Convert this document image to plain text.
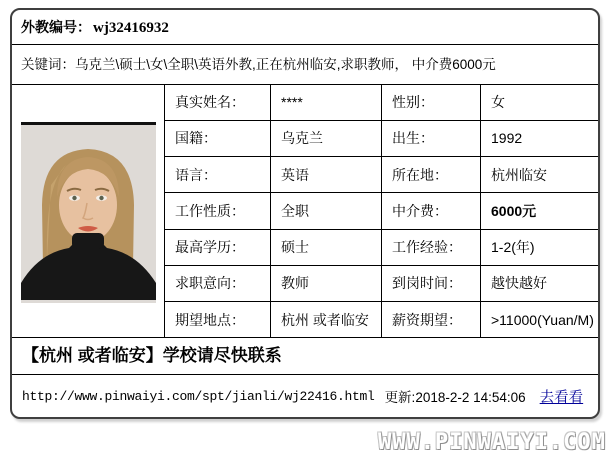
外教编号： wj32416932
关键词：乌克兰\硕士\女\全职\英语外教,正在杭州临安,求职教师， 中介费6000元
真实姓名：	****	性别：	女
国籍：	乌克兰	出生：	1992
语言：	英语	所在地：	杭州临安
工作性质：	全职	中介费：	6000元
最高学历：	硕士	工作经验：	1-2(年)
求职意向：	教师	到岗时间：	越快越好
期望地点：	杭州 或者临安	薪资期望：	>11000(Yuan/M)
【杭州 或者临安】学校请尽快联系
http://www.pinwaiyi.com/spt/jianli/wj22416.html 更新:2018-2-2 14:54:06 去看看
WWW.PINWAIYI.COM
